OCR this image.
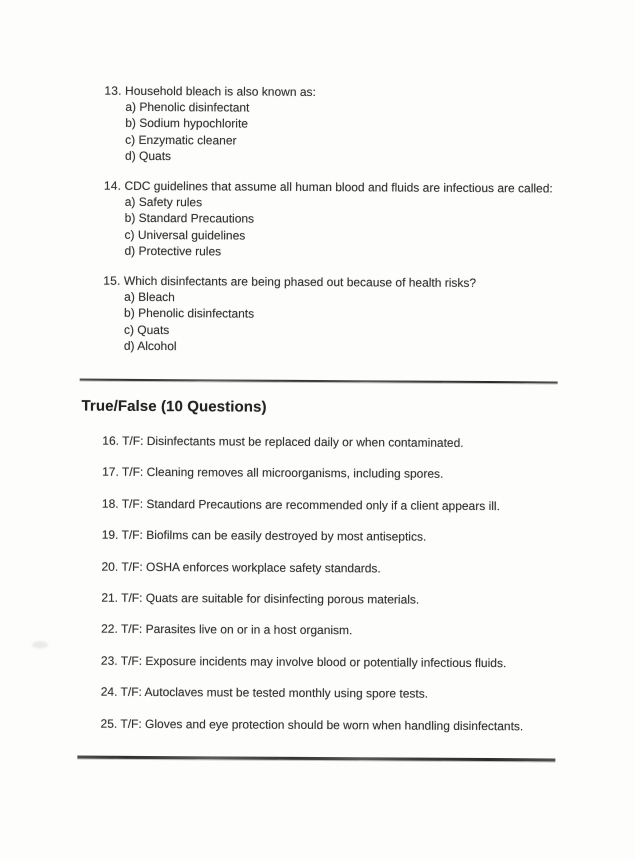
13. Household bleach is also known as:
a) Phenolic disinfectant
b) Sodium hypochlorite
c) Enzymatic cleaner
d) Quats
14. CDC guidelines that assume all human blood and fluids are infectious are called:
a) Safety rules
b) Standard Precautions
c) Universal guidelines
d) Protective rules
15. Which disinfectants are being phased out because of health risks?
a) Bleach
b) Phenolic disinfectants
c) Quats
d) Alcohol
True/False (10 Questions)
16. T/F: Disinfectants must be replaced daily or when contaminated.
17. T/F: Cleaning removes all microorganisms, including spores.
18. T/F: Standard Precautions are recommended only if a client appears ill.
19. T/F: Biofilms can be easily destroyed by most antiseptics.
20. T/F: OSHA enforces workplace safety standards.
21. T/F: Quats are suitable for disinfecting porous materials.
22. T/F: Parasites live on or in a host organism.
23. T/F: Exposure incidents may involve blood or potentially infectious fluids.
24. T/F: Autoclaves must be tested monthly using spore tests.
25. T/F: Gloves and eye protection should be worn when handling disinfectants.
